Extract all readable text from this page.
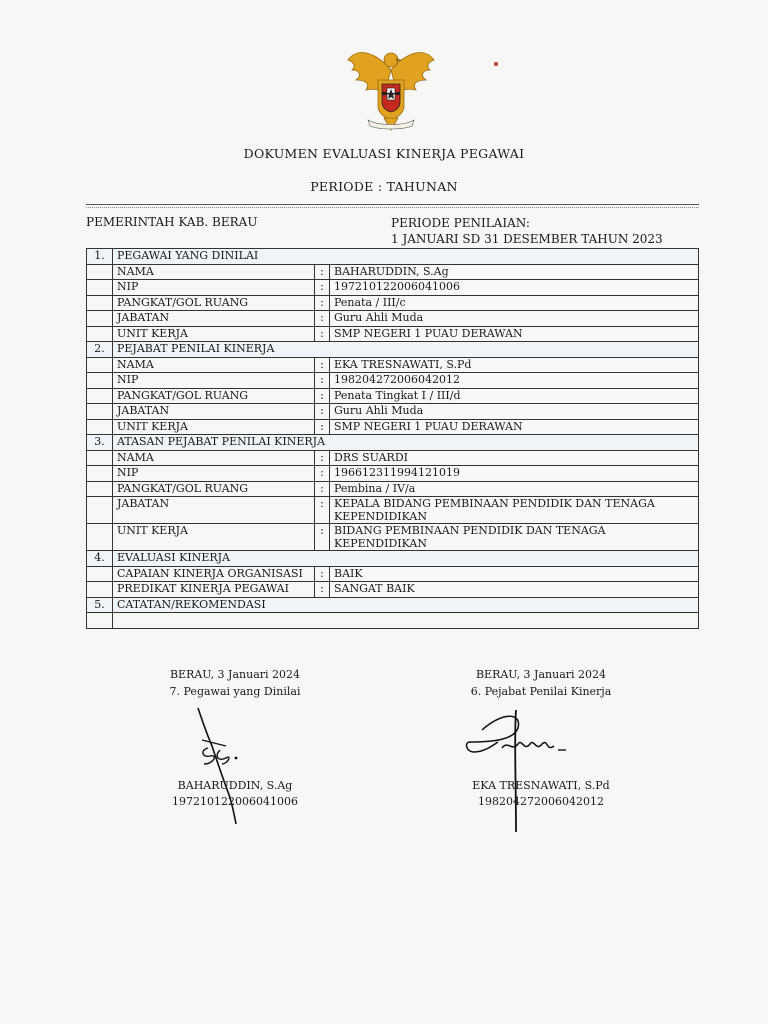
DOKUMEN EVALUASI KINERJA PEGAWAI
PERIODE : TAHUNAN
PEMERINTAH KAB. BERAU	PERIODE PENILAIAN:
1 JANUARI SD 31 DESEMBER TAHUN 2023
1.	PEGAWAI YANG DINILAI		
	NAMA	:	BAHARUDDIN, S.Ag
	NIP	:	197210122006041006
	PANGKAT/GOL RUANG	:	Penata / III/c
	JABATAN	:	Guru Ahli Muda
	UNIT KERJA	:	SMP NEGERI 1 PUAU DERAWAN
2.	PEJABAT PENILAI KINERJA		
	NAMA	:	EKA TRESNAWATI, S.Pd
	NIP	:	198204272006042012
	PANGKAT/GOL RUANG	:	Penata Tingkat I / III/d
	JABATAN	:	Guru Ahli Muda
	UNIT KERJA	:	SMP NEGERI 1 PUAU DERAWAN
3.	ATASAN PEJABAT PENILAI KINERJA		
	NAMA	:	DRS SUARDI
	NIP	:	196612311994121019
	PANGKAT/GOL RUANG	:	Pembina / IV/a
	JABATAN	:	KEPALA BIDANG PEMBINAAN PENDIDIK DAN TENAGA KEPENDIDIKAN
	UNIT KERJA	:	BIDANG PEMBINAAN PENDIDIK DAN TENAGA KEPENDIDIKAN
4.	EVALUASI KINERJA		
	CAPAIAN KINERJA ORGANISASI	:	BAIK
	PREDIKAT KINERJA PEGAWAI	:	SANGAT BAIK
5.	CATATAN/REKOMENDASI		

BERAU, 3 Januari 2024
7. Pegawai yang Dinilai
BERAU, 3 Januari 2024
6. Pejabat Penilai Kinerja
BAHARUDDIN, S.Ag
197210122006041006
EKA TRESNAWATI, S.Pd
198204272006042012
